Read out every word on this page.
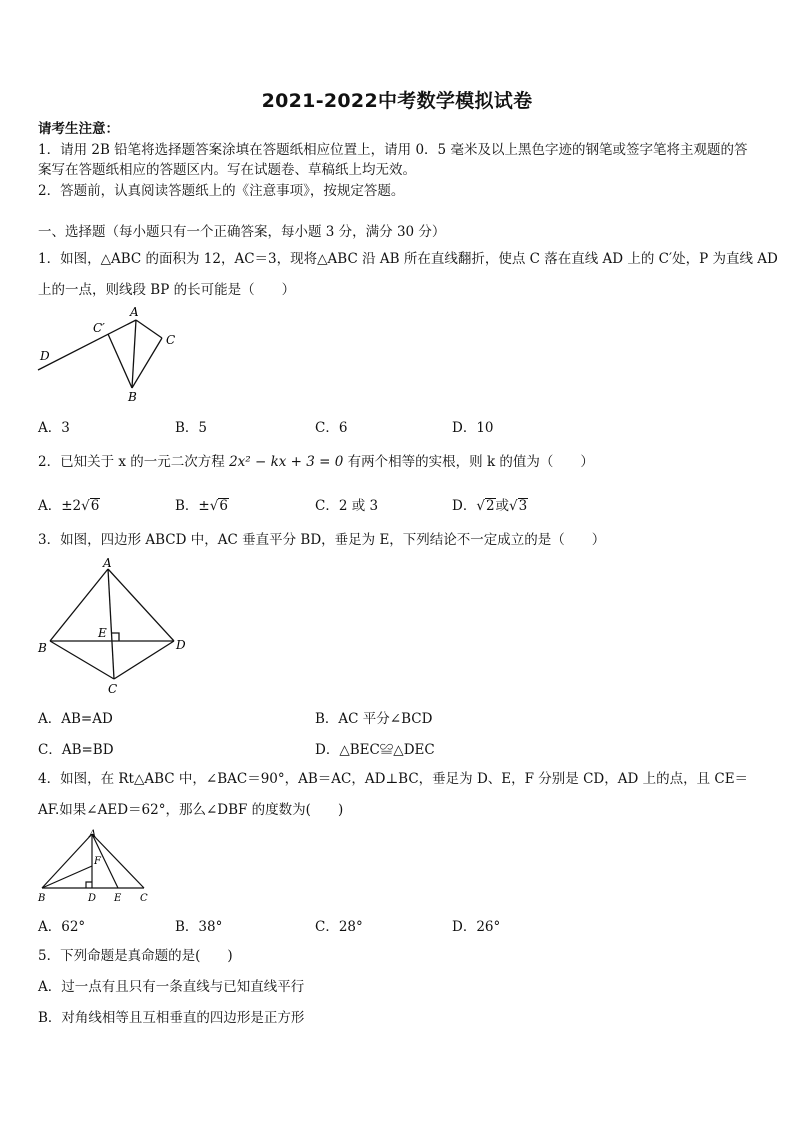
2021-2022中考数学模拟试卷
请考生注意：
1．请用 2B 铅笔将选择题答案涂填在答题纸相应位置上，请用 0．5 毫米及以上黑色字迹的钢笔或签字笔将主观题的答
案写在答题纸相应的答题区内。写在试题卷、草稿纸上均无效。
2．答题前，认真阅读答题纸上的《注意事项》，按规定答题。
一、选择题（每小题只有一个正确答案，每小题 3 分，满分 30 分）
1．如图，△ABC 的面积为 12，AC＝3，现将△ABC 沿 AB 所在直线翻折，使点 C 落在直线 AD 上的 C′处，P 为直线 AD
上的一点，则线段 BP 的长可能是（　　）
A
C
C′
D
B
A．3	B．5	C．6	D．10
2．已知关于 x 的一元二次方程 2x² − kx + 3 = 0 有两个相等的实根，则 k 的值为（　　）
A．±2√6	B．±√6	C．2 或 3	D．√2或√3
3．如图，四边形 ABCD 中，AC 垂直平分 BD，垂足为 E，下列结论不一定成立的是（　　）
A
B	D
C
E
A．AB=AD	B．AC 平分∠BCD
C．AB=BD	D．△BEC≌△DEC
4．如图，在 Rt△ABC 中，∠BAC＝90°，AB＝AC，AD⊥BC，垂足为 D、E，F 分别是 CD，AD 上的点，且 CE＝
AF.如果∠AED＝62°，那么∠DBF 的度数为(　　)
A
F
B	D E C
A．62°	B．38°	C．28°	D．26°
5．下列命题是真命题的是(　　)
A．过一点有且只有一条直线与已知直线平行
B．对角线相等且互相垂直的四边形是正方形
